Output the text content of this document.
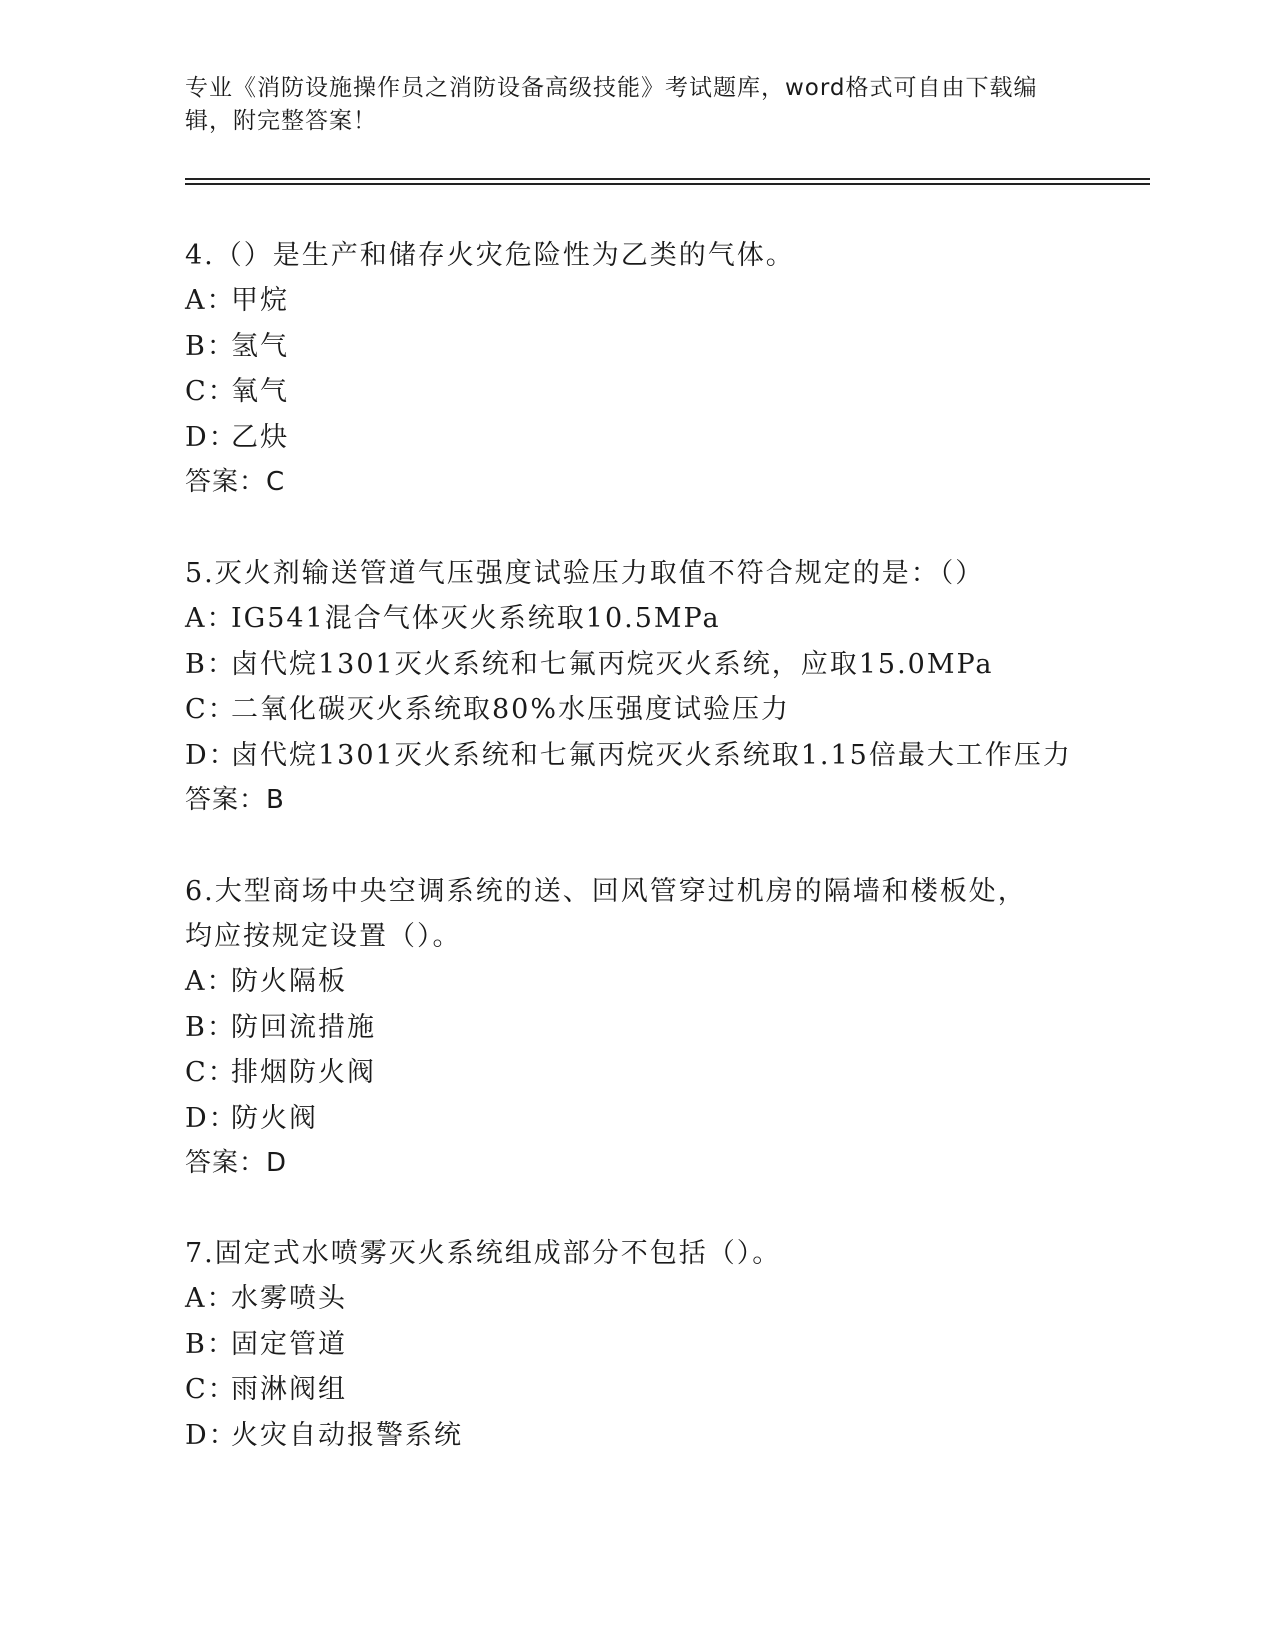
专业《消防设施操作员之消防设备高级技能》考试题库，word格式可自由下载编辑，附完整答案！

4.（）是生产和储存火灾危险性为乙类的气体。

A：甲烷

B：氢气

C：氧气

D：乙炔

答案：C

5.灭火剂输送管道气压强度试验压力取值不符合规定的是：（）

A：IG541混合气体灭火系统取10.5MPa

B：卤代烷1301灭火系统和七氟丙烷灭火系统，应取15.0MPa

C：二氧化碳灭火系统取80%水压强度试验压力

D：卤代烷1301灭火系统和七氟丙烷灭火系统取1.15倍最大工作压力

答案：B

6.大型商场中央空调系统的送、回风管穿过机房的隔墙和楼板处，均应按规定设置（）。

A：防火隔板

B：防回流措施

C：排烟防火阀

D：防火阀

答案：D

7.固定式水喷雾灭火系统组成部分不包括（）。

A：水雾喷头

B：固定管道

C：雨淋阀组

D：火灾自动报警系统
